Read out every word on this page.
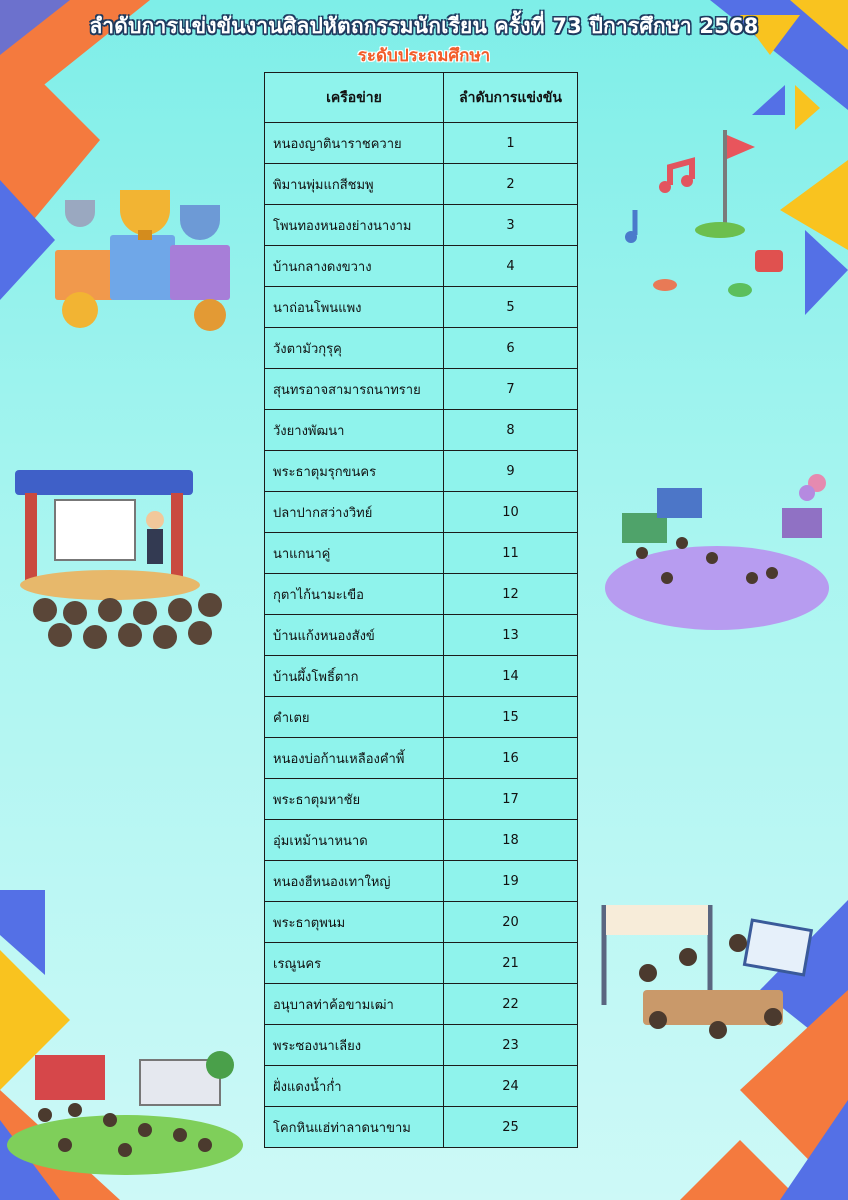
ลำดับการแข่งขันงานศิลปหัตถกรรมนักเรียน ครั้งที่ 73 ปีการศึกษา 2568
ระดับประถมศึกษา
เครือข่าย	ลำดับการแข่งขัน
หนองญาตินาราชควาย	1
พิมานพุ่มแกสีชมพู	2
โพนทองหนองย่างนางาม	3
บ้านกลางดงขวาง	4
นาถ่อนโพนแพง	5
วังตามัวกุรุคุ	6
สุนทรอาจสามารถนาทราย	7
วังยางพัฒนา	8
พระธาตุมรุกขนคร	9
ปลาปากสว่างวิทย์	10
นาแกนาคู่	11
กุตาไก้นามะเขือ	12
บ้านแก้งหนองสังข์	13
บ้านผึ้งโพธิ์ตาก	14
คำเตย	15
หนองบ่อก้านเหลืองคำพี้	16
พระธาตุมหาชัย	17
อุ่มเหม้านาหนาด	18
หนองฮีหนองเทาใหญ่	19
พระธาตุพนม	20
เรณูนคร	21
อนุบาลท่าค้อขามเฒ่า	22
พระซองนาเลียง	23
ฝั่งแดงน้ำก่ำ	24
โคกหินแฮ่ท่าลาดนาขาม	25
